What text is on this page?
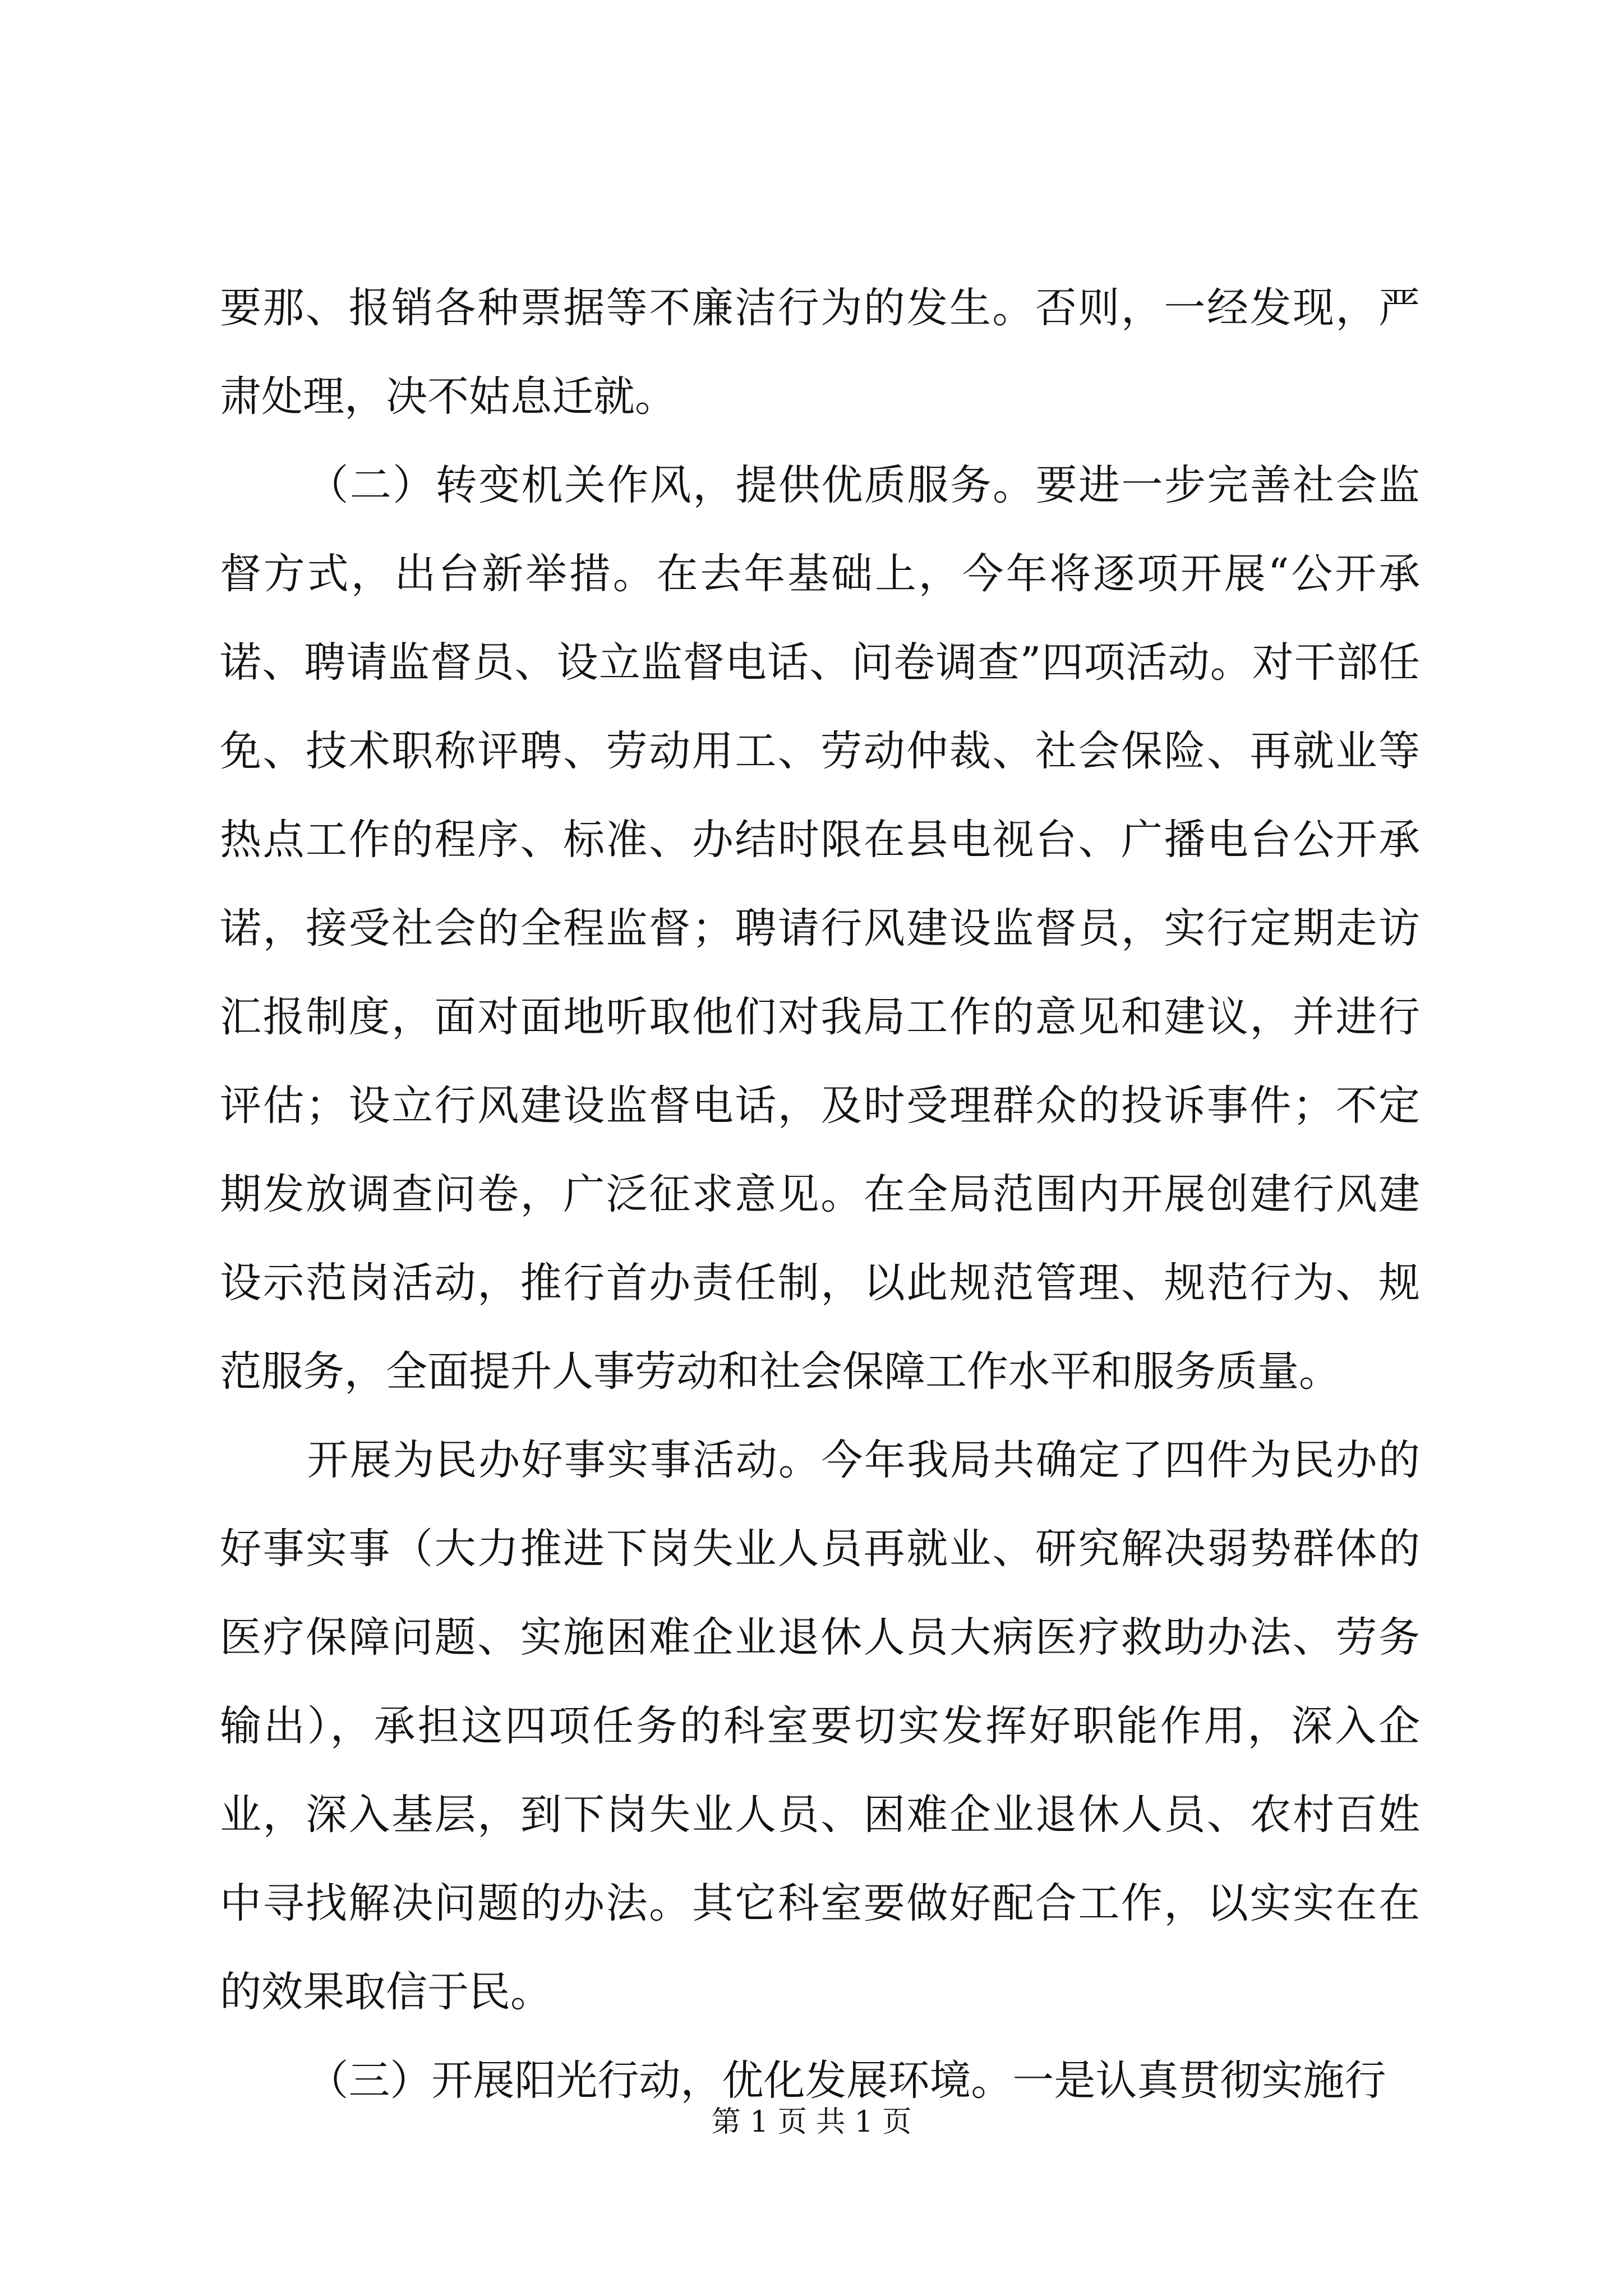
要那、报销各种票据等不廉洁行为的发生。否则，一经发现，严肃处理，决不姑息迁就。

（二）转变机关作风，提供优质服务。要进一步完善社会监督方式，出台新举措。在去年基础上，今年将逐项开展“公开承诺、聘请监督员、设立监督电话、问卷调查”四项活动。对干部任免、技术职称评聘、劳动用工、劳动仲裁、社会保险、再就业等热点工作的程序、标准、办结时限在县电视台、广播电台公开承诺，接受社会的全程监督；聘请行风建设监督员，实行定期走访汇报制度，面对面地听取他们对我局工作的意见和建议，并进行评估；设立行风建设监督电话，及时受理群众的投诉事件；不定期发放调查问卷，广泛征求意见。在全局范围内开展创建行风建设示范岗活动，推行首办责任制，以此规范管理、规范行为、规范服务，全面提升人事劳动和社会保障工作水平和服务质量。

开展为民办好事实事活动。今年我局共确定了四件为民办的好事实事（大力推进下岗失业人员再就业、研究解决弱势群体的医疗保障问题、实施困难企业退休人员大病医疗救助办法、劳务输出），承担这四项任务的科室要切实发挥好职能作用，深入企业，深入基层，到下岗失业人员、困难企业退休人员、农村百姓中寻找解决问题的办法。其它科室要做好配合工作，以实实在在的效果取信于民。

（三）开展阳光行动，优化发展环境。一是认真贯彻实施行

第 1 页 共 1 页
